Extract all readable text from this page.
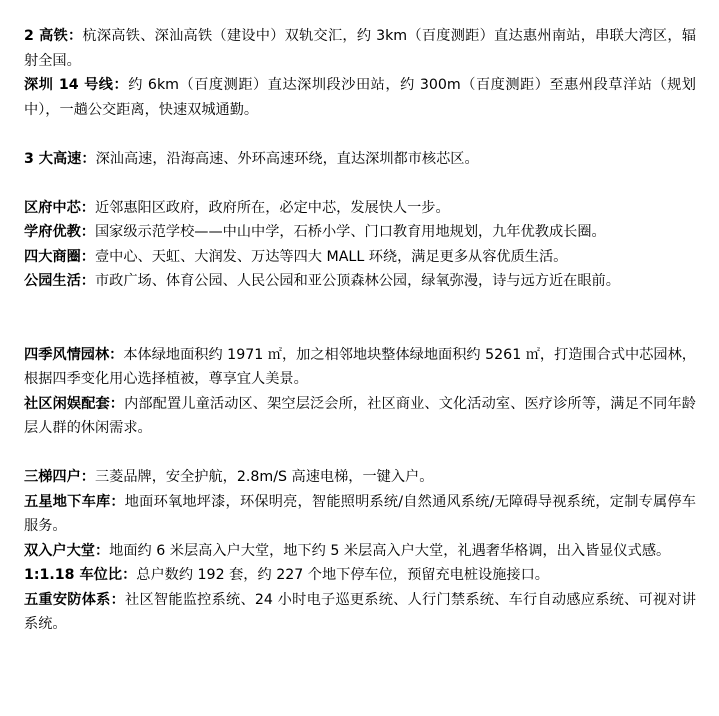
2 高铁：杭深高铁、深汕高铁（建设中）双轨交汇，约 3km（百度测距）直达惠州南站，串联大湾区，辐射全国。

深圳 14 号线：约 6km（百度测距）直达深圳段沙田站，约 300m（百度测距）至惠州段草洋站（规划中），一趟公交距离，快速双城通勤。

3 大高速：深汕高速，沿海高速、外环高速环绕，直达深圳都市核芯区。

区府中芯：近邻惠阳区政府，政府所在，必定中芯，发展快人一步。

学府优教：国家级示范学校——中山中学，石桥小学、门口教育用地规划，九年优教成长圈。

四大商圈：壹中心、天虹、大润发、万达等四大 MALL 环绕，满足更多从容优质生活。

公园生活：市政广场、体育公园、人民公园和亚公顶森林公园，绿氧弥漫，诗与远方近在眼前。

四季风情园林：本体绿地面积约 1971 ㎡，加之相邻地块整体绿地面积约 5261 ㎡，打造围合式中芯园林，根据四季变化用心选择植被，尊享宜人美景。

社区闲娱配套：内部配置儿童活动区、架空层泛会所，社区商业、文化活动室、医疗诊所等，满足不同年龄层人群的休闲需求。

三梯四户：三菱品牌，安全护航，2.8m/S 高速电梯，一键入户。

五星地下车库：地面环氧地坪漆，环保明亮，智能照明系统/自然通风系统/无障碍导视系统，定制专属停车服务。

双入户大堂：地面约 6 米层高入户大堂，地下约 5 米层高入户大堂，礼遇奢华格调，出入皆显仪式感。

1:1.18 车位比：总户数约 192 套，约 227 个地下停车位，预留充电桩设施接口。

五重安防体系：社区智能监控系统、24 小时电子巡更系统、人行门禁系统、车行自动感应系统、可视对讲系统。
